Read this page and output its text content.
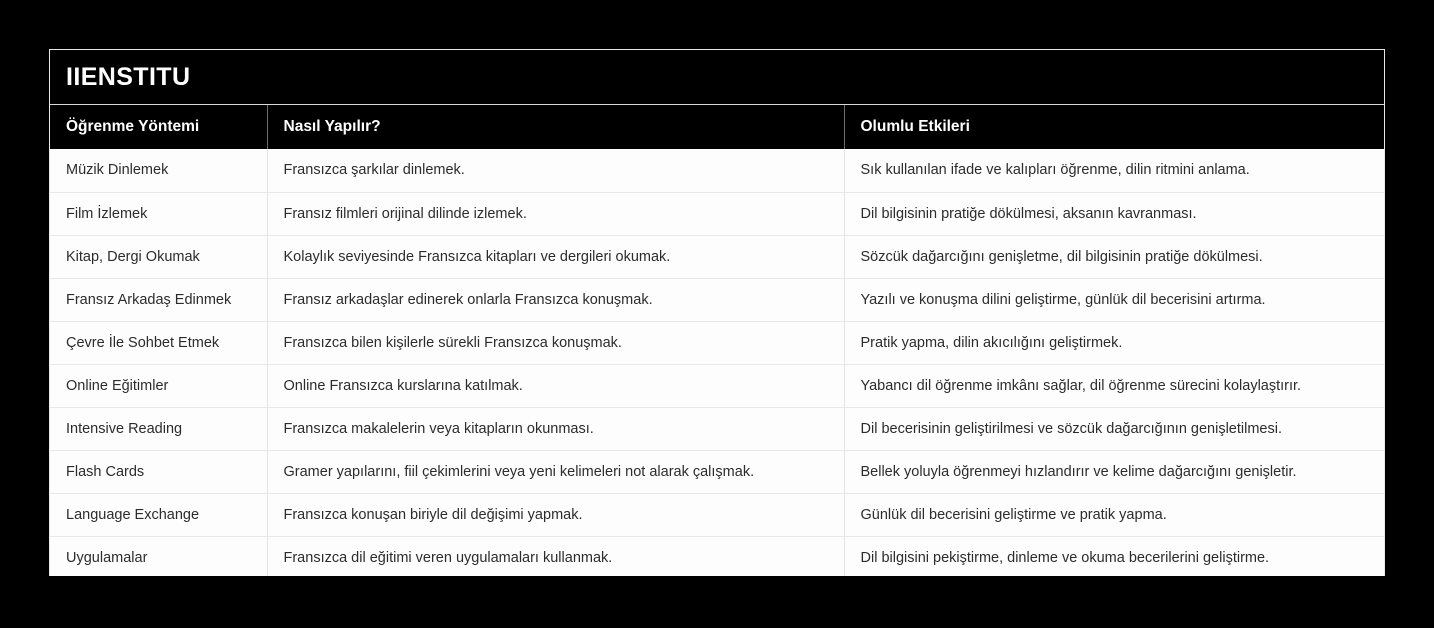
IIENSTITU
Öğrenme Yöntemi	Nasıl Yapılır?	Olumlu Etkileri
Müzik Dinlemek	Fransızca şarkılar dinlemek.	Sık kullanılan ifade ve kalıpları öğrenme, dilin ritmini anlama.
Film İzlemek	Fransız filmleri orijinal dilinde izlemek.	Dil bilgisinin pratiğe dökülmesi, aksanın kavranması.
Kitap, Dergi Okumak	Kolaylık seviyesinde Fransızca kitapları ve dergileri okumak.	Sözcük dağarcığını genişletme, dil bilgisinin pratiğe dökülmesi.
Fransız Arkadaş Edinmek	Fransız arkadaşlar edinerek onlarla Fransızca konuşmak.	Yazılı ve konuşma dilini geliştirme, günlük dil becerisini artırma.
Çevre İle Sohbet Etmek	Fransızca bilen kişilerle sürekli Fransızca konuşmak.	Pratik yapma, dilin akıcılığını geliştirmek.
Online Eğitimler	Online Fransızca kurslarına katılmak.	Yabancı dil öğrenme imkânı sağlar, dil öğrenme sürecini kolaylaştırır.
Intensive Reading	Fransızca makalelerin veya kitapların okunması.	Dil becerisinin geliştirilmesi ve sözcük dağarcığının genişletilmesi.
Flash Cards	Gramer yapılarını, fiil çekimlerini veya yeni kelimeleri not alarak çalışmak.	Bellek yoluyla öğrenmeyi hızlandırır ve kelime dağarcığını genişletir.
Language Exchange	Fransızca konuşan biriyle dil değişimi yapmak.	Günlük dil becerisini geliştirme ve pratik yapma.
Uygulamalar	Fransızca dil eğitimi veren uygulamaları kullanmak.	Dil bilgisini pekiştirme, dinleme ve okuma becerilerini geliştirme.
